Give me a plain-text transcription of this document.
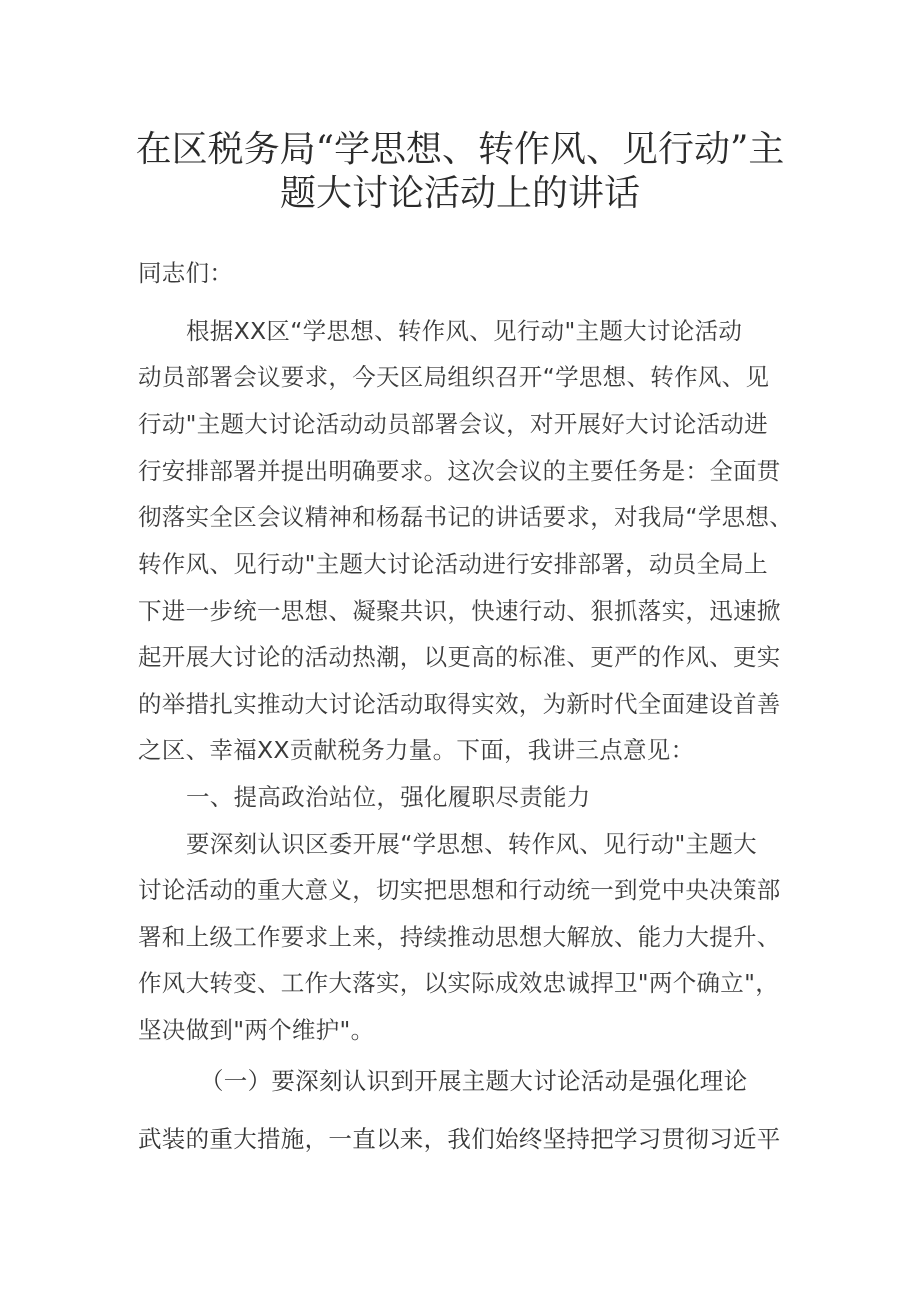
在区税务局“学思想、转作风、见行动”主
题大讨论活动上的讲话
同志们：
根据XX区“学思想、转作风、见行动"主题大讨论活动
动员部署会议要求，今天区局组织召开“学思想、转作风、见
行动"主题大讨论活动动员部署会议，对开展好大讨论活动进
行安排部署并提出明确要求。这次会议的主要任务是：全面贯
彻落实全区会议精神和杨磊书记的讲话要求，对我局“学思想、
转作风、见行动"主题大讨论活动进行安排部署，动员全局上
下进一步统一思想、凝聚共识，快速行动、狠抓落实，迅速掀
起开展大讨论的活动热潮，以更高的标准、更严的作风、更实
的举措扎实推动大讨论活动取得实效，为新时代全面建设首善
之区、幸福XX贡献税务力量。下面，我讲三点意见：
一、提高政治站位，强化履职尽责能力
要深刻认识区委开展“学思想、转作风、见行动"主题大
讨论活动的重大意义，切实把思想和行动统一到党中央决策部
署和上级工作要求上来，持续推动思想大解放、能力大提升、
作风大转变、工作大落实，以实际成效忠诚捍卫"两个确立"，
坚决做到"两个维护"。
（一）要深刻认识到开展主题大讨论活动是强化理论
武装的重大措施，一直以来，我们始终坚持把学习贯彻习近平
